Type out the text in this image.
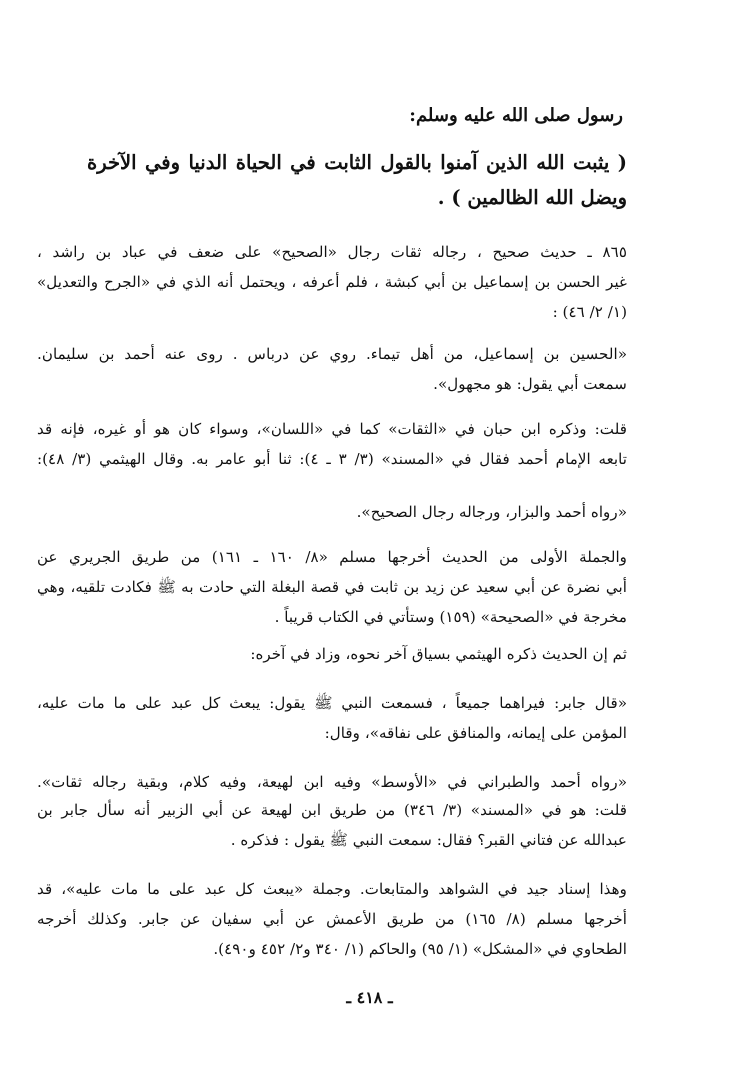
رسول صلى الله عليه وسلم:
( يثبت الله الذين آمنوا بالقول الثابت في الحياة الدنيا وفي الآخرة
ويضل الله الظالمين ) .
٨٦٥ ـ حديث صحيح ، رجاله ثقات رجال «الصحيح» على ضعف في عباد بن راشد ،
غير الحسن بن إسماعيل بن أبي كبشة ، فلم أعرفه ، ويحتمل أنه الذي في «الجرح والتعديل»
(١/ ٢/ ٤٦) :
«الحسين بن إسماعيل، من أهل تيماء. روي عن درباس . روى عنه أحمد بن سليمان.
سمعت أبي يقول: هو مجهول».
قلت: وذكره ابن حبان في «الثقات» كما في «اللسان»، وسواء كان هو أو غيره، فإنه قد
تابعه الإمام أحمد فقال في «المسند» (٣/ ٣ ـ ٤): ثنا أبو عامر به. وقال الهيثمي (٣/ ٤٨):
«رواه أحمد والبزار، ورجاله رجال الصحيح».
والجملة الأولى من الحديث أخرجها مسلم «٨/ ١٦٠ ـ ١٦١) من طريق الجريري عن
أبي نضرة عن أبي سعيد عن زيد بن ثابت في قصة البغلة التي حادت به ﷺ فكادت تلقيه، وهي
مخرجة في «الصحيحة» (١٥٩) وستأتي في الكتاب قريباً .
ثم إن الحديث ذكره الهيثمي بسياق آخر نحوه، وزاد في آخره:
«قال جابر: فيراهما جميعاً ، فسمعت النبي ﷺ يقول: يبعث كل عبد على ما مات عليه،
المؤمن على إيمانه، والمنافق على نفاقه»، وقال:
«رواه أحمد والطبراني في «الأوسط» وفيه ابن لهيعة، وفيه كلام، وبقية رجاله ثقات».
قلت: هو في «المسند» (٣/ ٣٤٦) من طريق ابن لهيعة عن أبي الزبير أنه سأل جابر بن
عبدالله عن فتاني القبر؟ فقال: سمعت النبي ﷺ يقول : فذكره .
وهذا إسناد جيد في الشواهد والمتابعات. وجملة «يبعث كل عبد على ما مات عليه»، قد
أخرجها مسلم (٨/ ١٦٥) من طريق الأعمش عن أبي سفيان عن جابر. وكذلك أخرجه
الطحاوي في «المشكل» (١/ ٩٥) والحاكم (١/ ٣٤٠ و٢/ ٤٥٢ و٤٩٠).
ـ ٤١٨ ـ
